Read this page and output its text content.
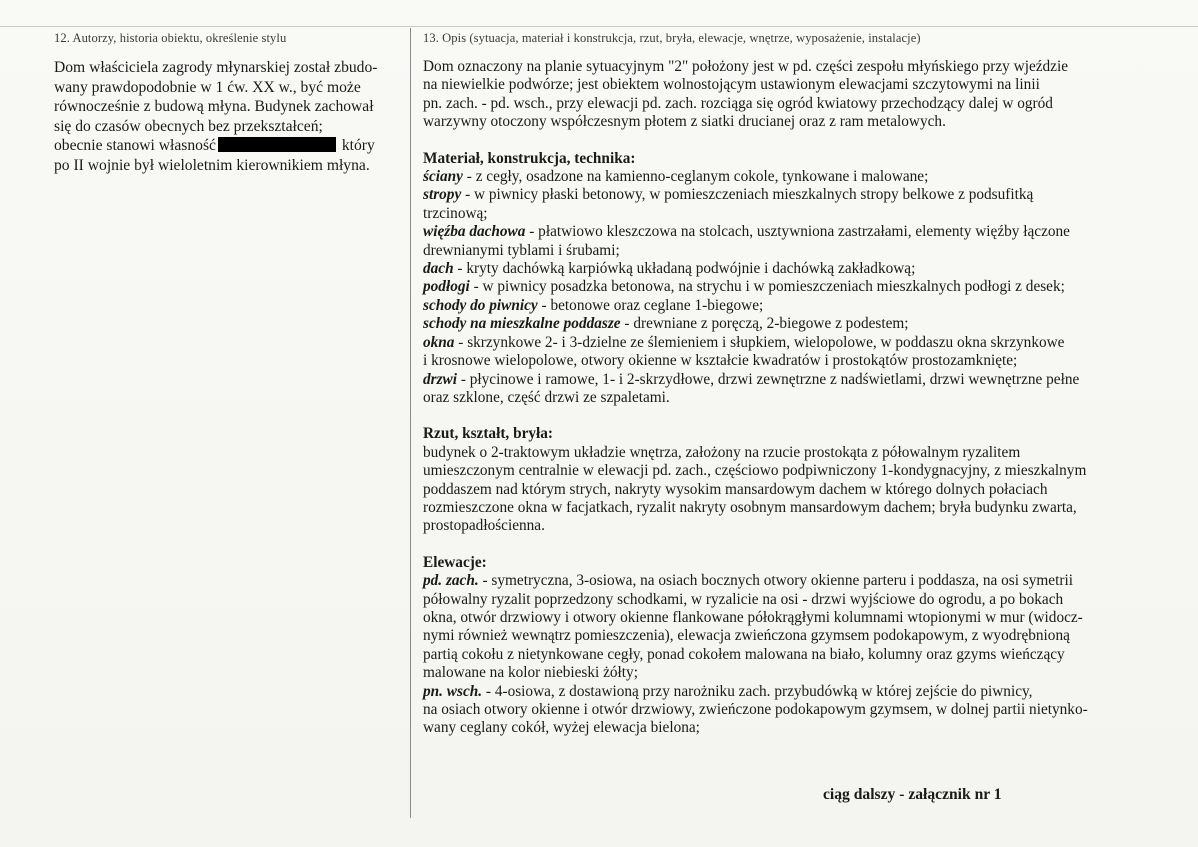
12. Autorzy, historia obiektu, określenie stylu
Dom właściciela zagrody młynarskiej został zbudo-
wany prawdopodobnie w 1 ćw. XX w., być może
równocześnie z budową młyna. Budynek zachował
się do czasów obecnych bez przekształceń;
obecnie stanowi własność	który
po II wojnie był wieloletnim kierownikiem młyna.
13. Opis (sytuacja, materiał i konstrukcja, rzut, bryła, elewacje, wnętrze, wyposażenie, instalacje)
Dom oznaczony na planie sytuacyjnym "2" położony jest w pd. części zespołu młyńskiego przy wjeździe
na niewielkie podwórze; jest obiektem wolnostojącym ustawionym elewacjami szczytowymi na linii
pn. zach. - pd. wsch., przy elewacji pd. zach. rozciąga się ogród kwiatowy przechodzący dalej w ogród
warzywny otoczony współczesnym płotem z siatki drucianej oraz z ram metalowych.
Materiał, konstrukcja, technika:
ściany - z cegły, osadzone na kamienno-ceglanym cokole, tynkowane i malowane;
stropy - w piwnicy płaski betonowy, w pomieszczeniach mieszkalnych stropy belkowe z podsufitką
trzcinową;
więźba dachowa - płatwiowo kleszczowa na stolcach, usztywniona zastrzałami, elementy więźby łączone
drewnianymi tyblami i śrubami;
dach - kryty dachówką karpiówką układaną podwójnie i dachówką zakładkową;
podłogi - w piwnicy posadzka betonowa, na strychu i w pomieszczeniach mieszkalnych podłogi z desek;
schody do piwnicy - betonowe oraz ceglane 1-biegowe;
schody na mieszkalne poddasze - drewniane z poręczą, 2-biegowe z podestem;
okna - skrzynkowe 2- i 3-dzielne ze ślemieniem i słupkiem, wielopolowe, w poddaszu okna skrzynkowe
i krosnowe wielopolowe, otwory okienne w kształcie kwadratów i prostokątów prostozamknięte;
drzwi - płycinowe i ramowe, 1- i 2-skrzydłowe, drzwi zewnętrzne z nadświetlami, drzwi wewnętrzne pełne
oraz szklone, część drzwi ze szpaletami.
Rzut, kształt, bryła:
budynek o 2-traktowym układzie wnętrza, założony na rzucie prostokąta z półowalnym ryzalitem
umieszczonym centralnie w elewacji pd. zach., częściowo podpiwniczony 1-kondygnacyjny, z mieszkalnym
poddaszem nad którym strych, nakryty wysokim mansardowym dachem w którego dolnych połaciach
rozmieszczone okna w facjatkach, ryzalit nakryty osobnym mansardowym dachem; bryła budynku zwarta,
prostopadłościenna.
Elewacje:
pd. zach. - symetryczna, 3-osiowa, na osiach bocznych otwory okienne parteru i poddasza, na osi symetrii
półowalny ryzalit poprzedzony schodkami, w ryzalicie na osi - drzwi wyjściowe do ogrodu, a po bokach
okna, otwór drzwiowy i otwory okienne flankowane półokrągłymi kolumnami wtopionymi w mur (widocz-
nymi również wewnątrz pomieszczenia), elewacja zwieńczona gzymsem podokapowym, z wyodrębnioną
partią cokołu z nietynkowane cegły, ponad cokołem malowana na biało, kolumny oraz gzyms wieńczący
malowane na kolor niebieski żółty;
pn. wsch. - 4-osiowa, z dostawioną przy narożniku zach. przybudówką w której zejście do piwnicy,
na osiach otwory okienne i otwór drzwiowy, zwieńczone podokapowym gzymsem, w dolnej partii nietynko-
wany ceglany cokół, wyżej elewacja bielona;
ciąg dalszy - załącznik nr 1
